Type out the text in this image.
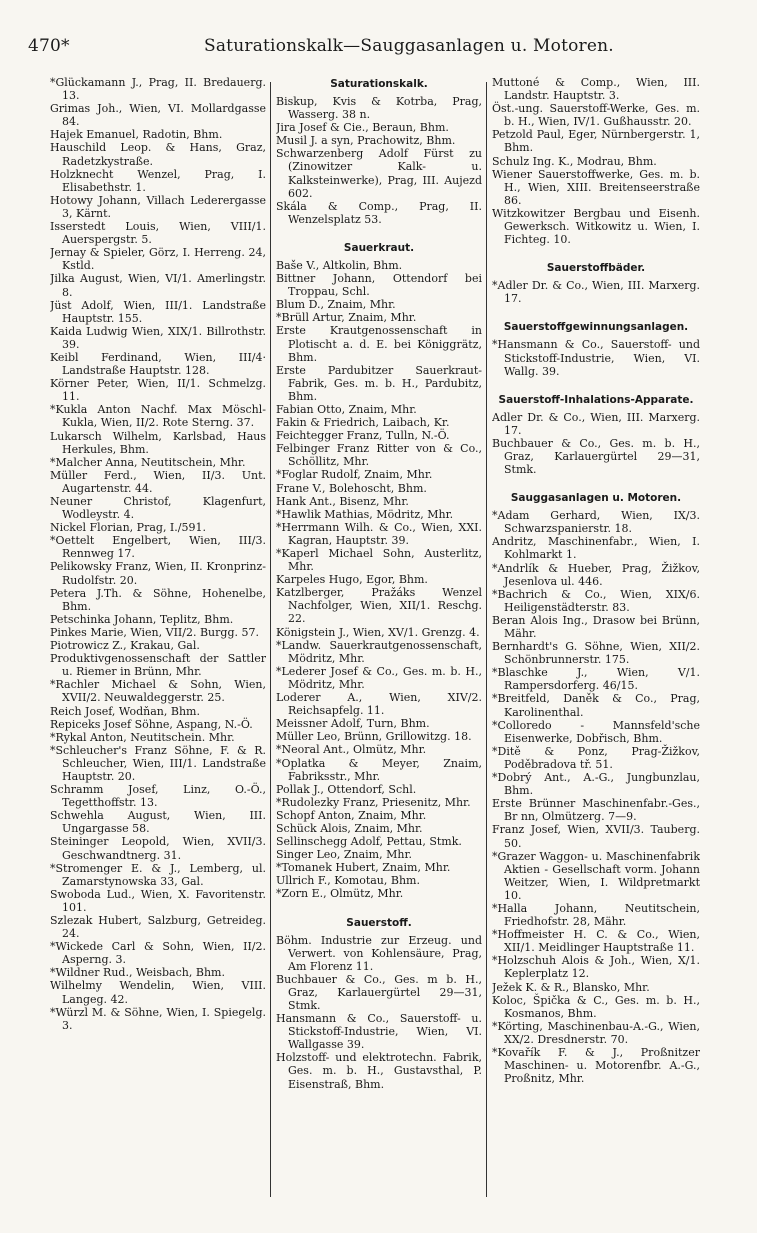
470*	Saturationskalk—Sauggasanlagen u. Motoren.
*Glückamann J., Prag, II. Bredauerg. 13.
Grimas Joh., Wien, VI. Mollardgasse 84.
Hajek Emanuel, Radotin, Bhm.
Hauschild Leop. & Hans, Graz, Radetzkystraße.
Holzknecht Wenzel, Prag, I. Elisabethstr. 1.
Hotowy Johann, Villach Lederergasse 3, Kärnt.
Isserstedt Louis, Wien, VIII/1. Auerspergstr. 5.
Jernay & Spieler, Görz, I. Herreng. 24, Kstld.
Jilka August, Wien, VI/1. Amerlingstr. 8.
Jüst Adolf, Wien, III/1. Landstraße Hauptstr. 155.
Kaida Ludwig Wien, XIX/1. Billrothstr. 39.
Keibl Ferdinand, Wien, III/4· Landstraße Hauptstr. 128.
Körner Peter, Wien, II/1. Schmelzg. 11.
*Kukla Anton Nachf. Max Möschl-Kukla, Wien, II/2. Rote Sterng. 37.
Lukarsch Wilhelm, Karlsbad, Haus Herkules, Bhm.
*Malcher Anna, Neutitschein, Mhr.
Müller Ferd., Wien, II/3. Unt. Augartenstr. 44.
Neuner Christof, Klagenfurt, Wodleystr. 4.
Nickel Florian, Prag, I./591.
*Oettelt Engelbert, Wien, III/3. Rennweg 17.
Pelikowsky Franz, Wien, II. Kronprinz-Rudolfstr. 20.
Petera J.Th. & Söhne, Hohenelbe, Bhm.
Petschinka Johann, Teplitz, Bhm.
Pinkes Marie, Wien, VII/2. Burgg. 57.
Piotrowicz Z., Krakau, Gal.
Produktivgenossenschaft der Sattler u. Riemer in Brünn, Mhr.
*Rachler Michael & Sohn, Wien, XVII/2. Neuwaldeggerstr. 25.
Reich Josef, Wodňan, Bhm.
Repiceks Josef Söhne, Aspang, N.-Ö.
*Rykal Anton, Neutitschein. Mhr.
*Schleucher's Franz Söhne, F. & R. Schleucher, Wien, III/1. Landstraße Hauptstr. 20.
Schramm Josef, Linz, O.-Ö., Tegetthoffstr. 13.
Schwehla August, Wien, III. Ungargasse 58.
Steininger Leopold, Wien, XVII/3. Geschwandtnerg. 31.
*Stromenger E. & J., Lemberg, ul. Zamarstynowska 33, Gal.
Swoboda Lud., Wien, X. Favoritenstr. 101.
Szlezak Hubert, Salzburg, Getreideg. 24.
*Wickede Carl & Sohn, Wien, II/2. Asperng. 3.
*Wildner Rud., Weisbach, Bhm.
Wilhelmy Wendelin, Wien, VIII. Langeg. 42.
*Würzl M. & Söhne, Wien, I. Spiegelg. 3.
Saturationskalk.
Biskup, Kvis & Kotrba, Prag, Wasserg. 38 n.
Jira Josef & Cie., Beraun, Bhm.
Musil J. a syn, Prachowitz, Bhm.
Schwarzenberg Adolf Fürst zu (Zinowitzer Kalk- u. Kalksteinwerke), Prag, III. Aujezd 602.
Skála & Comp., Prag, II. Wenzelsplatz 53.
Sauerkraut.
Baše V., Altkolin, Bhm.
Bittner Johann, Ottendorf bei Troppau, Schl.
Blum D., Znaim, Mhr.
*Brüll Artur, Znaim, Mhr.
Erste Krautgenossenschaft in Plotischt a. d. E. bei Königgrätz, Bhm.
Erste Pardubitzer Sauerkraut-Fabrik, Ges. m. b. H., Pardubitz, Bhm.
Fabian Otto, Znaim, Mhr.
Fakin & Friedrich, Laibach, Kr.
Feichtegger Franz, Tulln, N.-Ö.
Felbinger Franz Ritter von & Co., Schöllitz, Mhr.
*Foglar Rudolf, Znaim, Mhr.
Frane V., Bolehoscht, Bhm.
Hank Ant., Bisenz, Mhr.
*Hawlik Mathias, Mödritz, Mhr.
*Herrmann Wilh. & Co., Wien, XXI. Kagran, Hauptstr. 39.
*Kaperl Michael Sohn, Austerlitz, Mhr.
Karpeles Hugo, Egor, Bhm.
Katzlberger, Pražáks Wenzel Nachfolger, Wien, XII/1. Reschg. 22.
Königstein J., Wien, XV/1. Grenzg. 4.
*Landw. Sauerkrautgenossenschaft, Mödritz, Mhr.
*Lederer Josef & Co., Ges. m. b. H., Mödritz, Mhr.
Loderer A., Wien, XIV/2. Reichsapfelg. 11.
Meissner Adolf, Turn, Bhm.
Müller Leo, Brünn, Grillowitzg. 18.
*Neoral Ant., Olmütz, Mhr.
*Oplatka & Meyer, Znaim, Fabriksstr., Mhr.
Pollak J., Ottendorf, Schl.
*Rudolezky Franz, Priesenitz, Mhr.
Schopf Anton, Znaim, Mhr.
Schück Alois, Znaim, Mhr.
Sellinschegg Adolf, Pettau, Stmk.
Singer Leo, Znaim, Mhr.
*Tomanek Hubert, Znaim, Mhr.
Ullrich F., Komotau, Bhm.
*Zorn E., Olmütz, Mhr.
Sauerstoff.
Böhm. Industrie zur Erzeug. und Verwert. von Kohlensäure, Prag, Am Florenz 11.
Buchbauer & Co., Ges. m b. H., Graz, Karlauergürtel 29—31, Stmk.
Hansmann & Co., Sauerstoff- u. Stickstoff-Industrie, Wien, VI. Wallgasse 39.
Holzstoff- und elektrotechn. Fabrik, Ges. m. b. H., Gustavsthal, P. Eisenstraß, Bhm.
Muttoné & Comp., Wien, III. Landstr. Hauptstr. 3.
Öst.-ung. Sauerstoff-Werke, Ges. m. b. H., Wien, IV/1. Gußhausstr. 20.
Petzold Paul, Eger, Nürnbergerstr. 1, Bhm.
Schulz Ing. K., Modrau, Bhm.
Wiener Sauerstoffwerke, Ges. m. b. H., Wien, XIII. Breitenseerstraße 86.
Witzkowitzer Bergbau und Eisenh. Gewerksch. Witkowitz u. Wien, I. Fichteg. 10.
Sauerstoffbäder.
*Adler Dr. & Co., Wien, III. Marxerg. 17.
Sauerstoffgewinnungsanlagen.
*Hansmann & Co., Sauerstoff- und Stickstoff-Industrie, Wien, VI. Wallg. 39.
Sauerstoff-Inhalations-Apparate.
Adler Dr. & Co., Wien, III. Marxerg. 17.
Buchbauer & Co., Ges. m. b. H., Graz, Karlauergürtel 29—31, Stmk.
Sauggasanlagen u. Motoren.
*Adam Gerhard, Wien, IX/3. Schwarzspanierstr. 18.
Andritz, Maschinenfabr., Wien, I. Kohlmarkt 1.
*Andrlík & Hueber, Prag, Žižkov, Jesenlova ul. 446.
*Bachrich & Co., Wien, XIX/6. Heiligenstädterstr. 83.
Beran Alois Ing., Drasow bei Brünn, Mähr.
Bernhardt's G. Söhne, Wien, XII/2. Schönbrunnerstr. 175.
*Blaschke J., Wien, V/1. Rampersdorferg. 46/15.
*Breitfeld, Daněk & Co., Prag, Karolinenthal.
*Colloredo - Mannsfeld'sche Eisenwerke, Dobřisch, Bhm.
*Ditě & Ponz, Prag-Žižkov, Poděbradova tř. 51.
*Dobrý Ant., A.-G., Jungbunzlau, Bhm.
Erste Brünner Maschinenfabr.-Ges., Br nn, Olmützerg. 7—9.
Franz Josef, Wien, XVII/3. Tauberg. 50.
*Grazer Waggon- u. Maschinenfabrik Aktien - Gesellschaft vorm. Johann Weitzer, Wien, I. Wildpretmarkt 10.
*Halla Johann, Neutitschein, Friedhofstr. 28, Mähr.
*Hoffmeister H. C. & Co., Wien, XII/1. Meidlinger Hauptstraße 11.
*Holzschuh Alois & Joh., Wien, X/1. Keplerplatz 12.
Ježek K. & R., Blansko, Mhr.
Koloc, Špička & C., Ges. m. b. H., Kosmanos, Bhm.
*Körting, Maschinenbau-A.-G., Wien, XX/2. Dresdnerstr. 70.
*Kovařík F. & J., Proßnitzer Maschinen- u. Motorenfbr. A.-G., Proßnitz, Mhr.
